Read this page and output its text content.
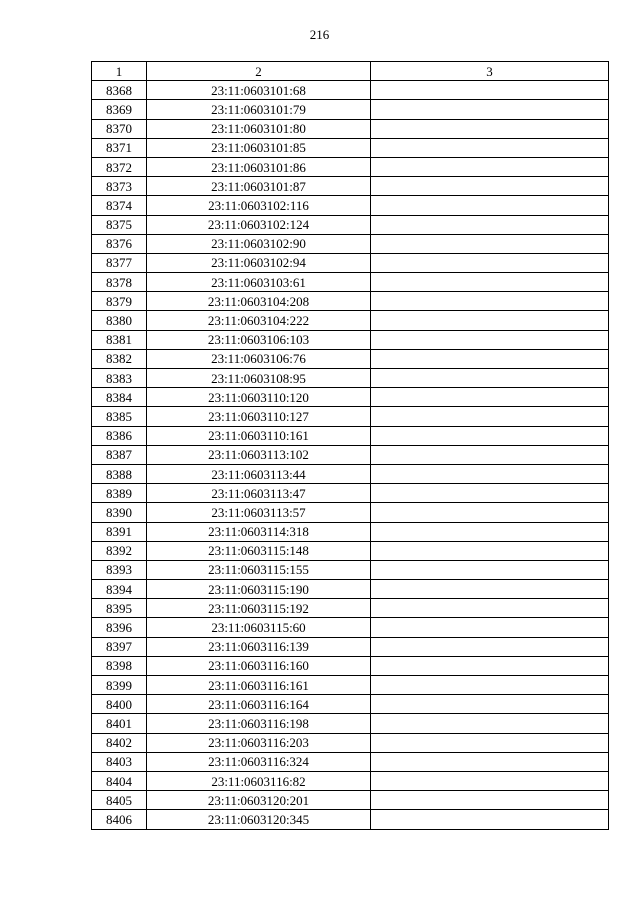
216
1	2	3
8368	23:11:0603101:68	
8369	23:11:0603101:79	
8370	23:11:0603101:80	
8371	23:11:0603101:85	
8372	23:11:0603101:86	
8373	23:11:0603101:87	
8374	23:11:0603102:116	
8375	23:11:0603102:124	
8376	23:11:0603102:90	
8377	23:11:0603102:94	
8378	23:11:0603103:61	
8379	23:11:0603104:208	
8380	23:11:0603104:222	
8381	23:11:0603106:103	
8382	23:11:0603106:76	
8383	23:11:0603108:95	
8384	23:11:0603110:120	
8385	23:11:0603110:127	
8386	23:11:0603110:161	
8387	23:11:0603113:102	
8388	23:11:0603113:44	
8389	23:11:0603113:47	
8390	23:11:0603113:57	
8391	23:11:0603114:318	
8392	23:11:0603115:148	
8393	23:11:0603115:155	
8394	23:11:0603115:190	
8395	23:11:0603115:192	
8396	23:11:0603115:60	
8397	23:11:0603116:139	
8398	23:11:0603116:160	
8399	23:11:0603116:161	
8400	23:11:0603116:164	
8401	23:11:0603116:198	
8402	23:11:0603116:203	
8403	23:11:0603116:324	
8404	23:11:0603116:82	
8405	23:11:0603120:201	
8406	23:11:0603120:345	
